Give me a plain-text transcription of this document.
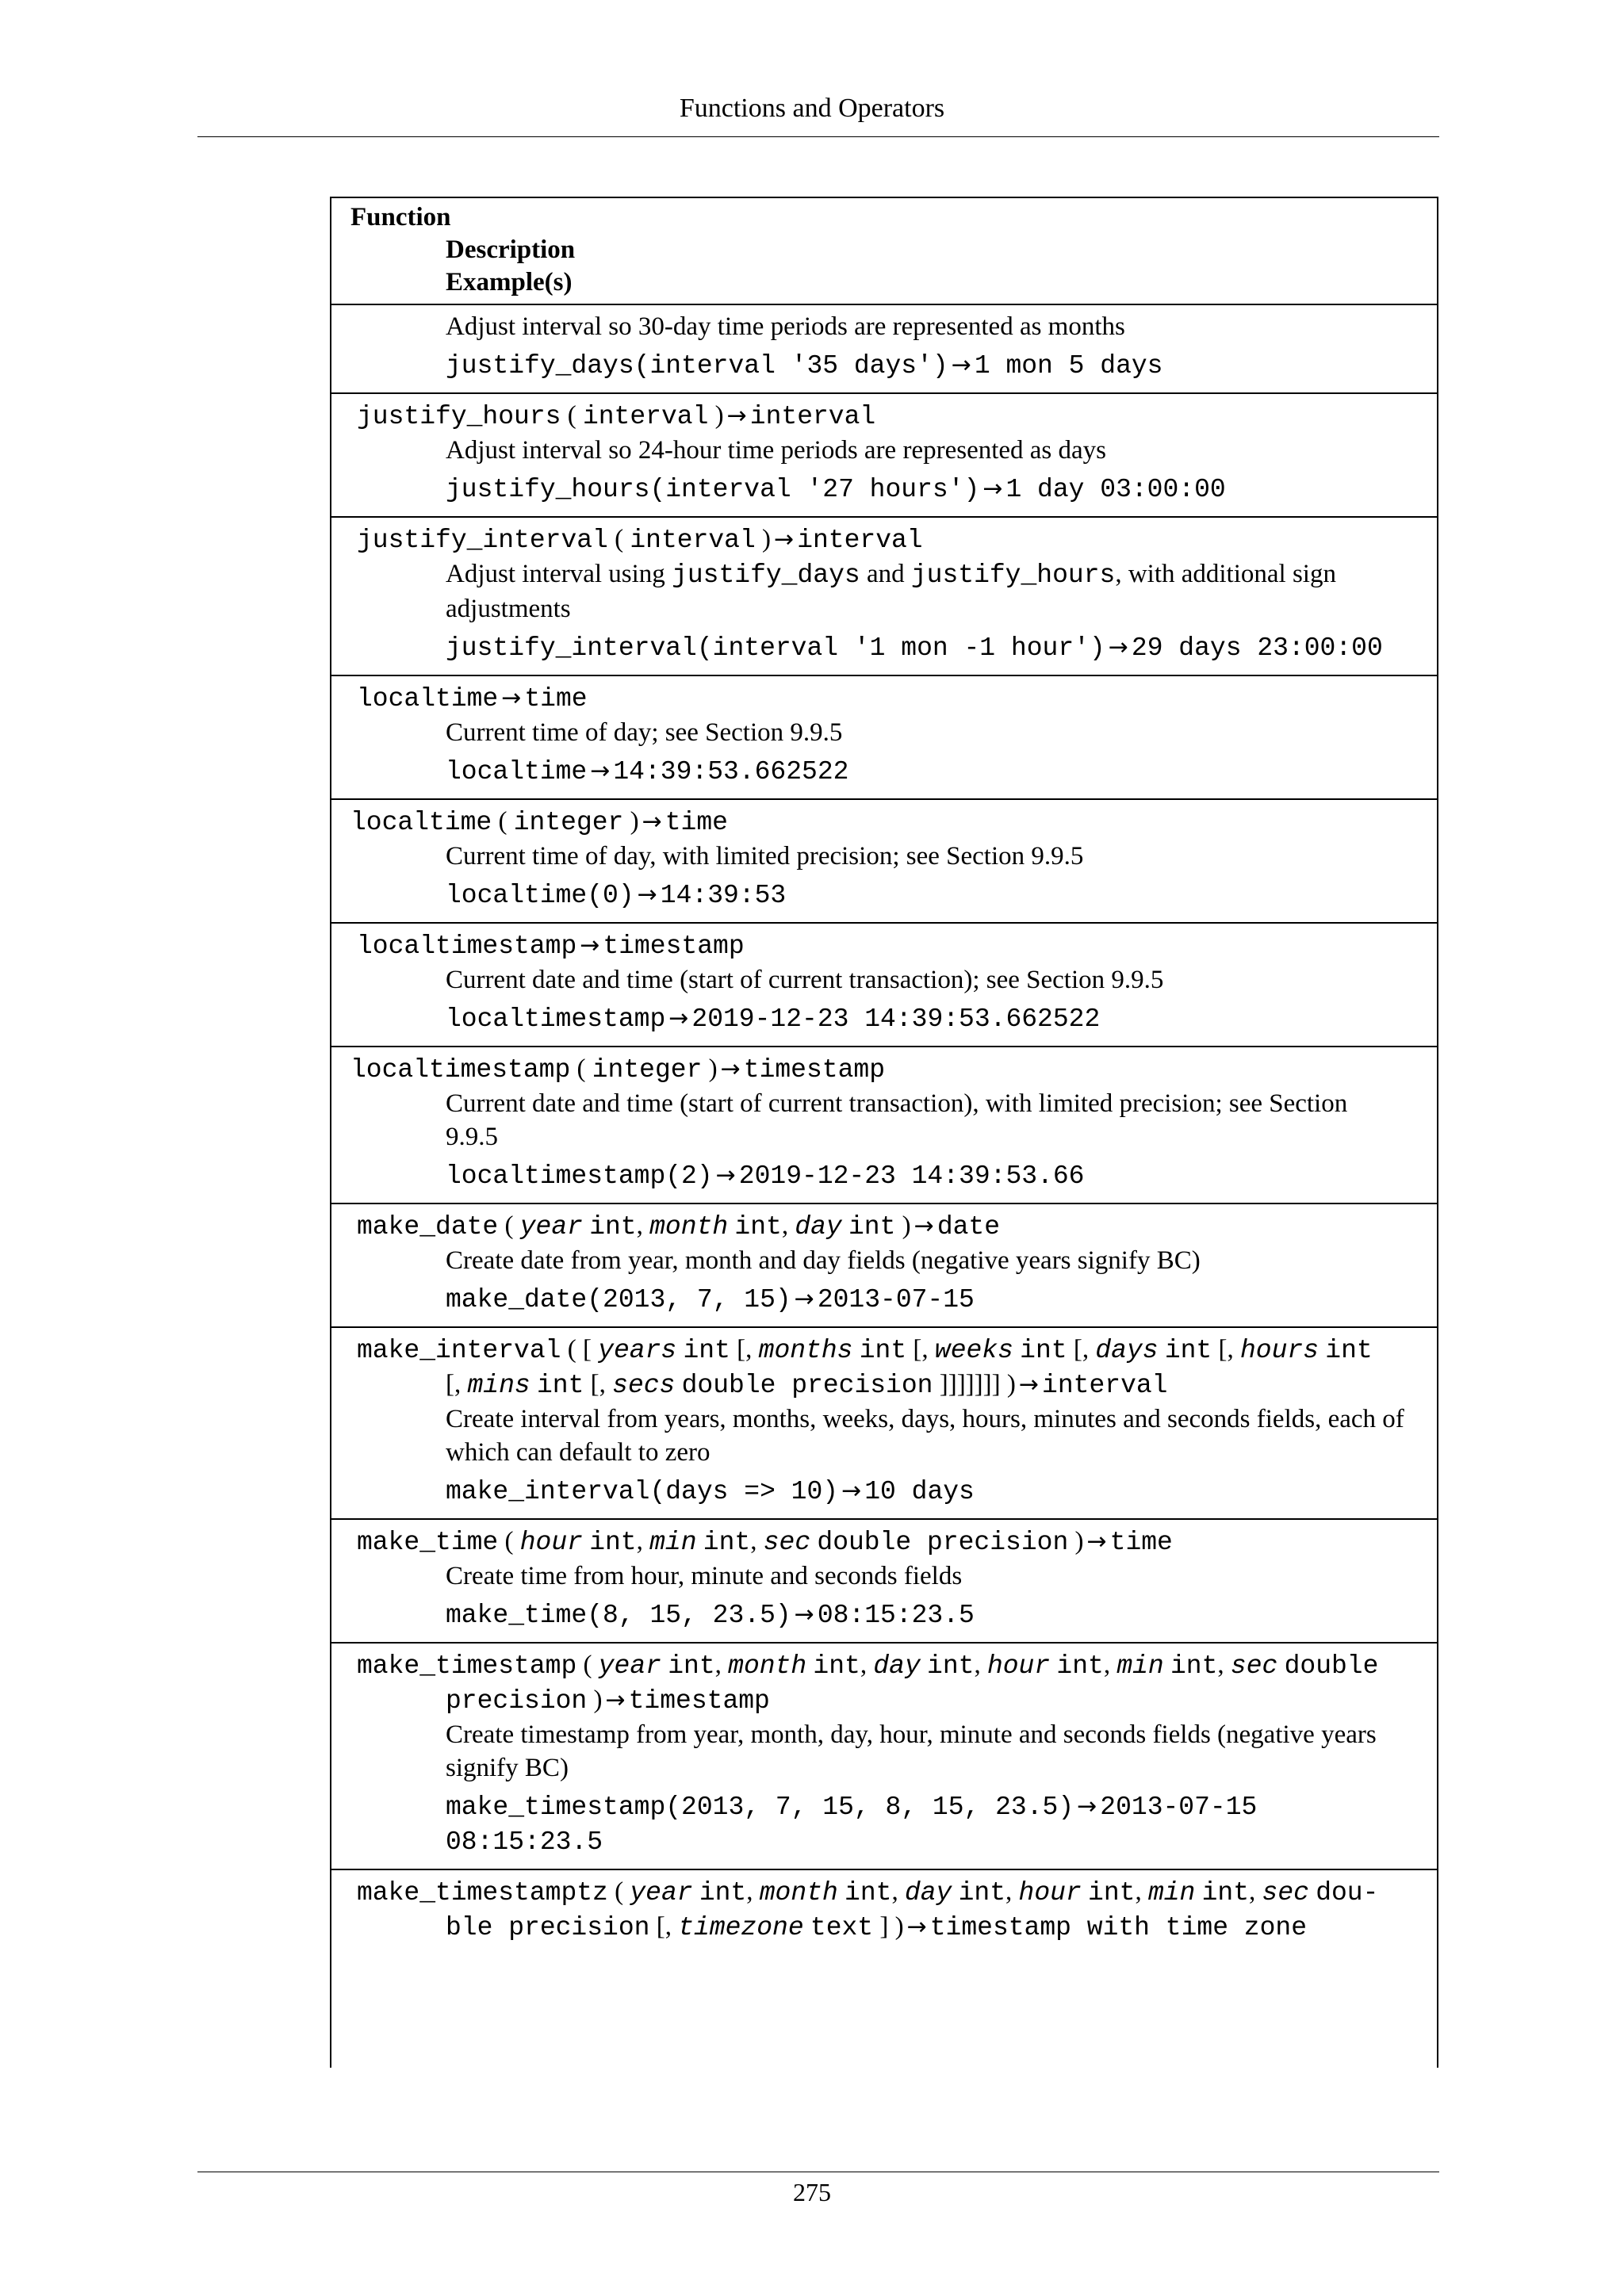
Functions and Operators
Function
Description
Example(s)
Adjust interval so 30-day time periods are represented as months
justify_days(interval '35 days') → 1 mon 5 days
justify_hours ( interval ) → interval
Adjust interval so 24-hour time periods are represented as days
justify_hours(interval '27 hours') → 1 day 03:00:00
justify_interval ( interval ) → interval
Adjust interval using justify_days and justify_hours, with additional sign adjustments
justify_interval(interval '1 mon -1 hour') → 29 days 23:00:00
localtime → time
Current time of day; see Section 9.9.5
localtime → 14:39:53.662522
localtime ( integer ) → time
Current time of day, with limited precision; see Section 9.9.5
localtime(0) → 14:39:53
localtimestamp → timestamp
Current date and time (start of current transaction); see Section 9.9.5
localtimestamp → 2019-12-23 14:39:53.662522
localtimestamp ( integer ) → timestamp
Current date and time (start of current transaction), with limited precision; see Section 9.9.5
localtimestamp(2) → 2019-12-23 14:39:53.66
make_date ( year int, month int, day int ) → date
Create date from year, month and day fields (negative years signify BC)
make_date(2013, 7, 15) → 2013-07-15
make_interval ( [ years int [, months int [, weeks int [, days int [, hours int
[, mins int [, secs double precision ]]]]]]] ) → interval
Create interval from years, months, weeks, days, hours, minutes and seconds fields, each of which can default to zero
make_interval(days => 10) → 10 days
make_time ( hour int, min int, sec double precision ) → time
Create time from hour, minute and seconds fields
make_time(8, 15, 23.5) → 08:15:23.5
make_timestamp ( year int, month int, day int, hour int, min int, sec double
precision ) → timestamp
Create timestamp from year, month, day, hour, minute and seconds fields (negative years signify BC)
make_timestamp(2013, 7, 15, 8, 15, 23.5) → 2013-07-15 08:15:23.5
make_timestamptz ( year int, month int, day int, hour int, min int, sec dou-
ble precision [, timezone text ] ) → timestamp with time zone
275
